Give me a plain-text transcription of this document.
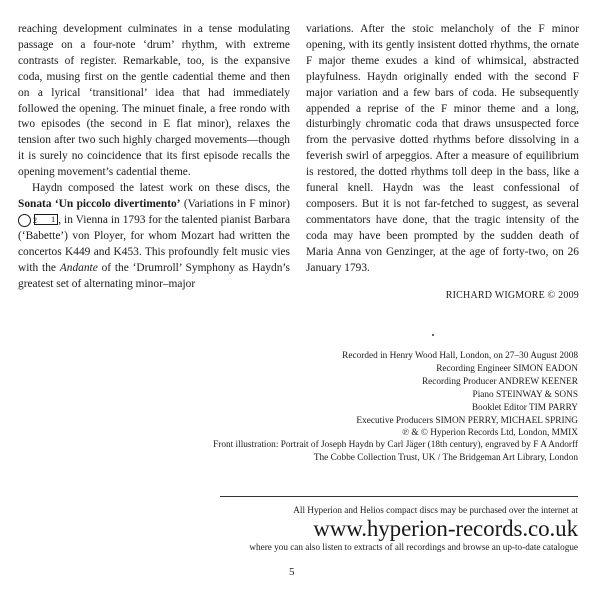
reaching development culminates in a tense modulating passage on a four-note ‘drum’ rhythm, with extreme contrasts of register. Remarkable, too, is the expansive coda, musing first on the gentle cadential theme and then on a lyrical ‘transitional’ idea that had immediately followed the opening. The minuet finale, a free rondo with two episodes (the second in E flat minor), relaxes the tension after two such highly charged movements—though it is surely no coincidence that its first episode recalls the opening movement’s cadential theme.

Haydn composed the latest work on these discs, the Sonata ‘Un piccolo divertimento’ (Variations in F minor) 2 1 , in Vienna in 1793 for the talented pianist Barbara (‘Babette’) von Ployer, for whom Mozart had written the concertos K449 and K453. This profoundly felt music vies with the Andante of the ‘Drumroll’ Symphony as Haydn’s greatest set of alternating minor–major

variations. After the stoic melancholy of the F minor opening, with its gently insistent dotted rhythms, the ornate F major theme exudes a kind of whimsical, abstracted playfulness. Haydn originally ended with the second F major variation and a few bars of coda. He subsequently appended a reprise of the F minor theme and a long, disturbingly chromatic coda that draws unsuspected force from the pervasive dotted rhythms before dissolving in a feverish swirl of arpeggios. After a measure of equilibrium is restored, the dotted rhythms toll deep in the bass, like a funeral knell. Haydn was the least confessional of composers. But it is not far-fetched to suggest, as several commentators have done, that the tragic intensity of the coda may have been prompted by the sudden death of Maria Anna von Genzinger, at the age of forty-two, on 26 January 1793.

RICHARD WIGMORE © 2009
Recorded in Henry Wood Hall, London, on 27–30 August 2008
Recording Engineer SIMON EADON
Recording Producer ANDREW KEENER
Piano STEINWAY & SONS
Booklet Editor TIM PARRY
Executive Producers SIMON PERRY, MICHAEL SPRING
℗ & © Hyperion Records Ltd, London, MMIX
Front illustration: Portrait of Joseph Haydn by Carl Jäger (18th century), engraved by F A Andorff
The Cobbe Collection Trust, UK / The Bridgeman Art Library, London
All Hyperion and Helios compact discs may be purchased over the internet at
www.hyperion-records.co.uk
where you can also listen to extracts of all recordings and browse an up-to-date catalogue
5
